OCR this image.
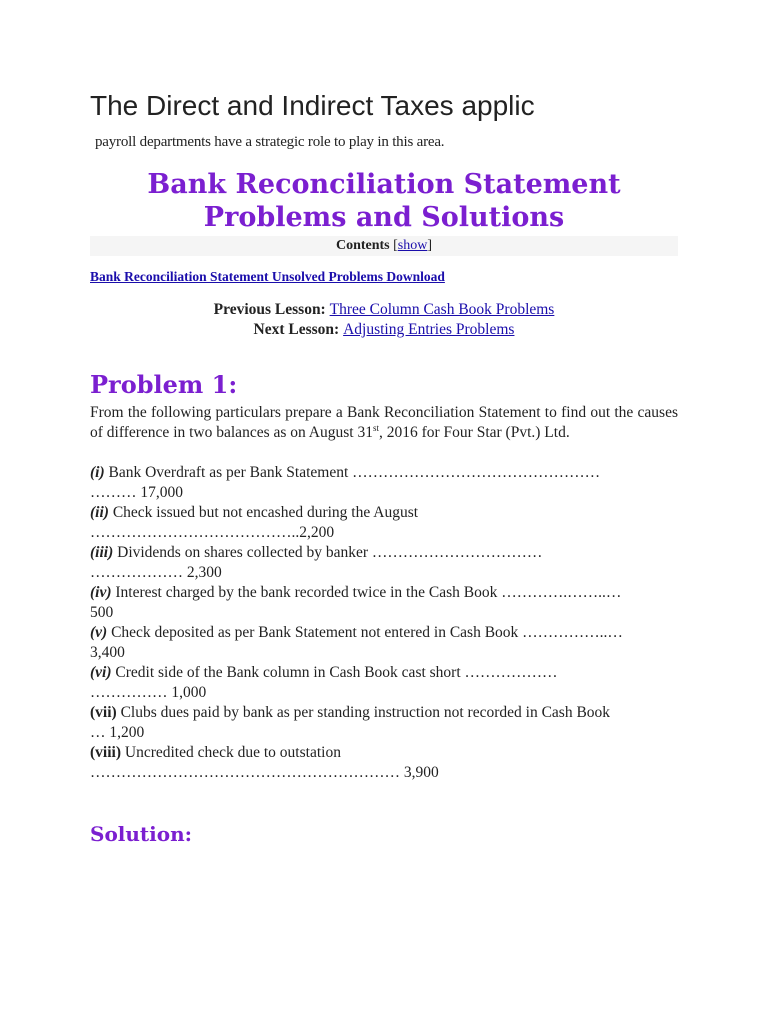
The Direct and Indirect Taxes applic
payroll departments have a strategic role to play in this area.
Bank Reconciliation Statement
Problems and Solutions
Contents [show]
Bank Reconciliation Statement Unsolved Problems Download
Previous Lesson: Three Column Cash Book Problems
Next Lesson: Adjusting Entries Problems
Problem 1:
From the following particulars prepare a Bank Reconciliation Statement to find out the causes of difference in two balances as on August 31st, 2016 for Four Star (Pvt.) Ltd.
(i) Bank Overdraft as per Bank Statement …………………………………………
……… 17,000
(ii) Check issued but not encashed during the August
…………………………………..2,200
(iii) Dividends on shares collected by banker ……………………………
……………… 2,300
(iv) Interest charged by the bank recorded twice in the Cash Book ………….……..…
500
(v) Check deposited as per Bank Statement not entered in Cash Book ……………..…
3,400
(vi) Credit side of the Bank column in Cash Book cast short ………………
…………… 1,000
(vii) Clubs dues paid by bank as per standing instruction not recorded in Cash Book
… 1,200
(viii) Uncredited check due to outstation
…………………………………………………… 3,900
Solution:
